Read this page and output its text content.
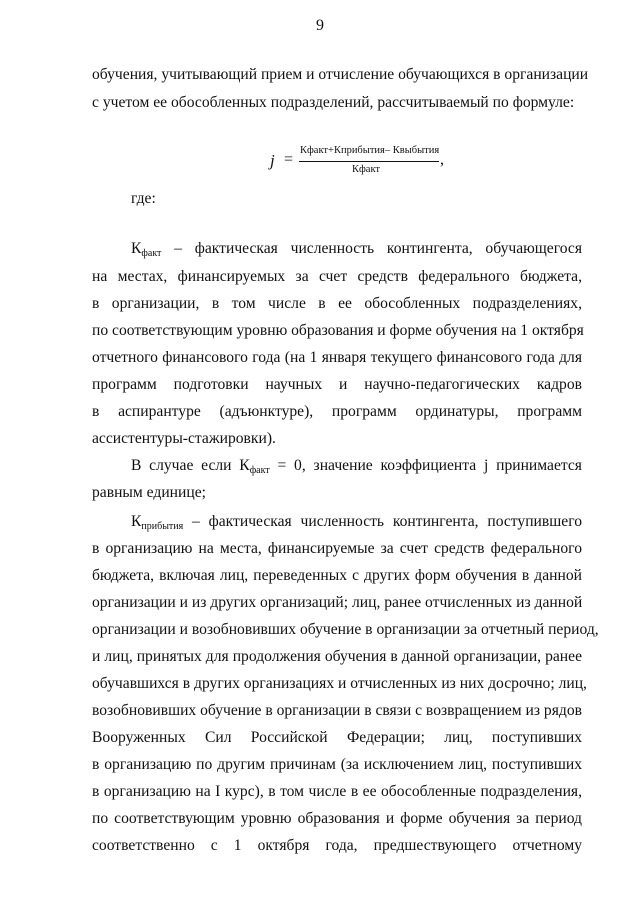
9
обучения, учитывающий прием и отчисление обучающихся в организации
с учетом ее обособленных подразделений, рассчитываемый по формуле:
j =
Кфакт+Кприбытия– Квыбытия
Кфакт
,
где:
$К_{факт}$ – фактическая численность контингента, обучающегося
на местах, финансируемых за счет средств федерального бюджета,
в организации, в том числе в ее обособленных подразделениях,
по соответствующим уровню образования и форме обучения на 1 октября
отчетного финансового года (на 1 января текущего финансового года для
программ подготовки научных и научно-педагогических кадров
в аспирантуре (адъюнктуре), программ ординатуры, программ
ассистентуры-стажировки).
В случае если $К_{факт} = 0$, значение коэффициента j принимается
равным единице;
$К_{прибытия}$ – фактическая численность контингента, поступившего
в организацию на места, финансируемые за счет средств федерального
бюджета, включая лиц, переведенных с других форм обучения в данной
организации и из других организаций; лиц, ранее отчисленных из данной
организации и возобновивших обучение в организации за отчетный период,
и лиц, принятых для продолжения обучения в данной организации, ранее
обучавшихся в других организациях и отчисленных из них досрочно; лиц,
возобновивших обучение в организации в связи с возвращением из рядов
Вооруженных Сил Российской Федерации; лиц, поступивших
в организацию по другим причинам (за исключением лиц, поступивших
в организацию на I курс), в том числе в ее обособленные подразделения,
по соответствующим уровню образования и форме обучения за период
соответственно с 1 октября года, предшествующего отчетному
